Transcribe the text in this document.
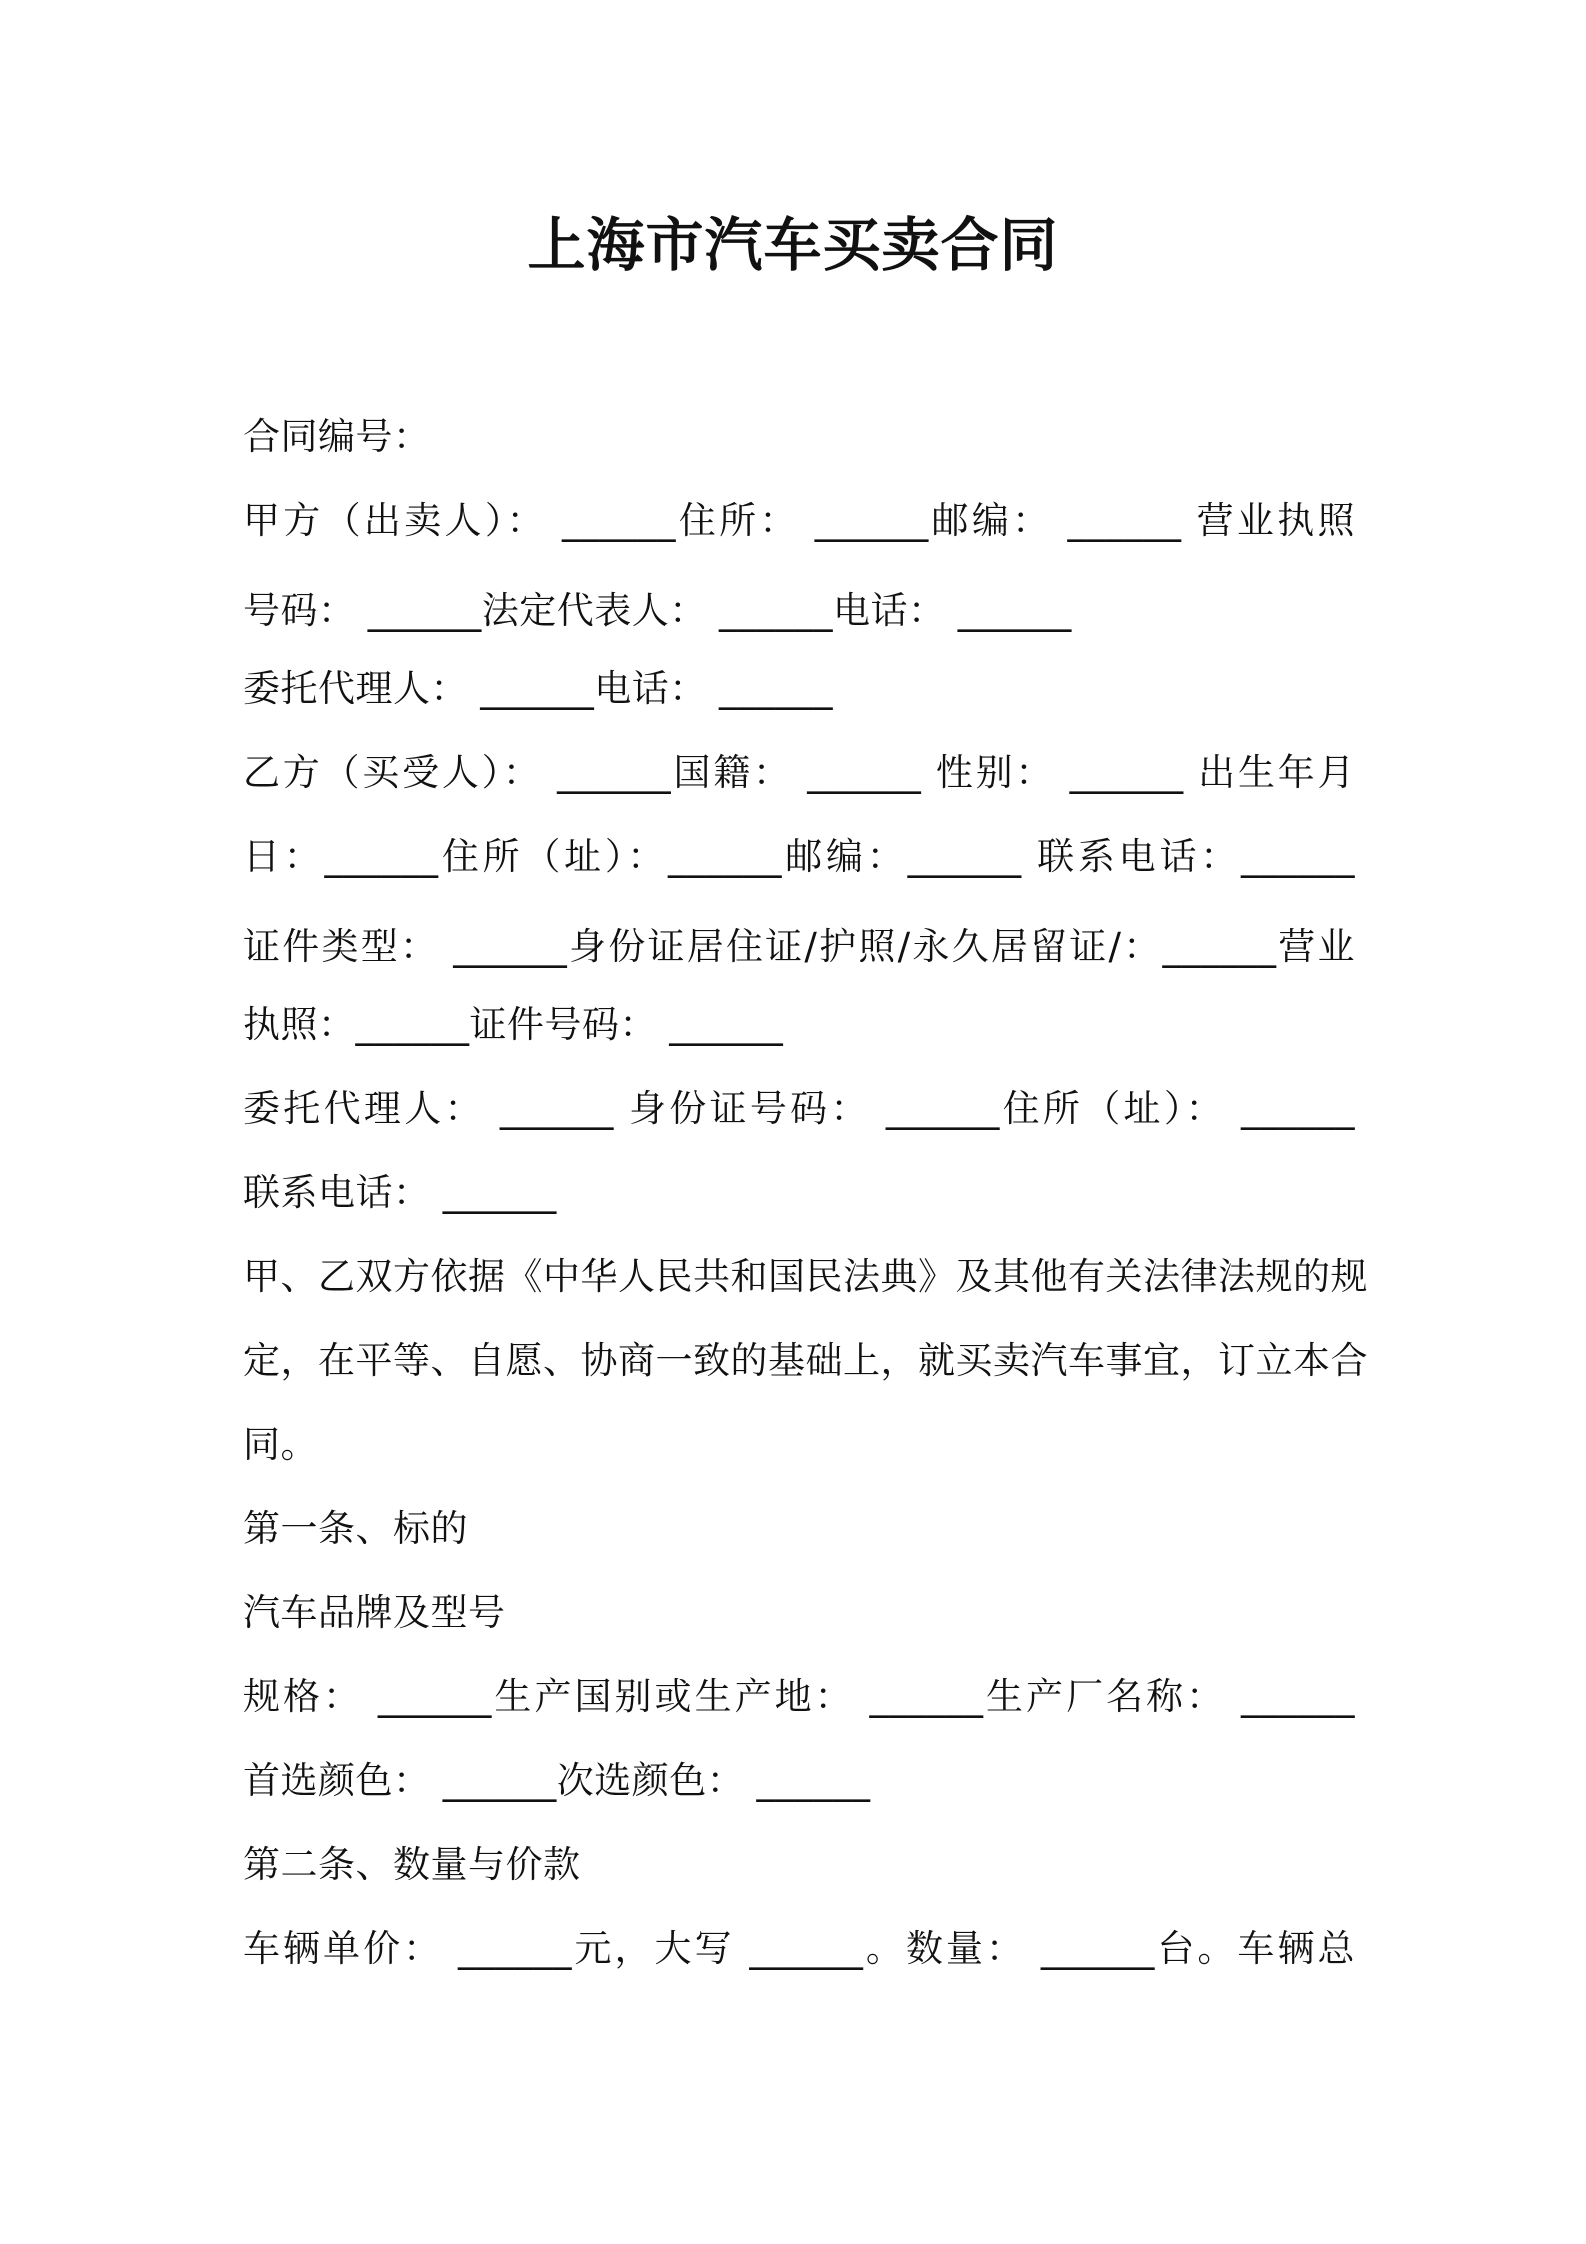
上海市汽车买卖合同
合同编号：
甲方（出卖人）： ______住所： ______邮编： ______ 营业执照
号码： ______法定代表人： ______电话： ______
委托代理人： ______电话： ______
乙方（买受人）： ______国籍： ______ 性别： ______ 出生年月
日：______住所（址）：______邮编：______ 联系电话：______
证件类型： ______身份证居住证/护照/永久居留证/：______营业
执照：______证件号码： ______
委托代理人： ______ 身份证号码： ______住所（址）： ______
联系电话： ______
甲、乙双方依据《中华人民共和国民法典》及其他有关法律法规的规
定，在平等、自愿、协商一致的基础上，就买卖汽车事宜，订立本合
同。
第一条、标的
汽车品牌及型号
规格： ______生产国别或生产地： ______生产厂名称： ______
首选颜色： ______次选颜色： ______
第二条、数量与价款
车辆单价： ______元，大写 ______。数量： ______台。车辆总
